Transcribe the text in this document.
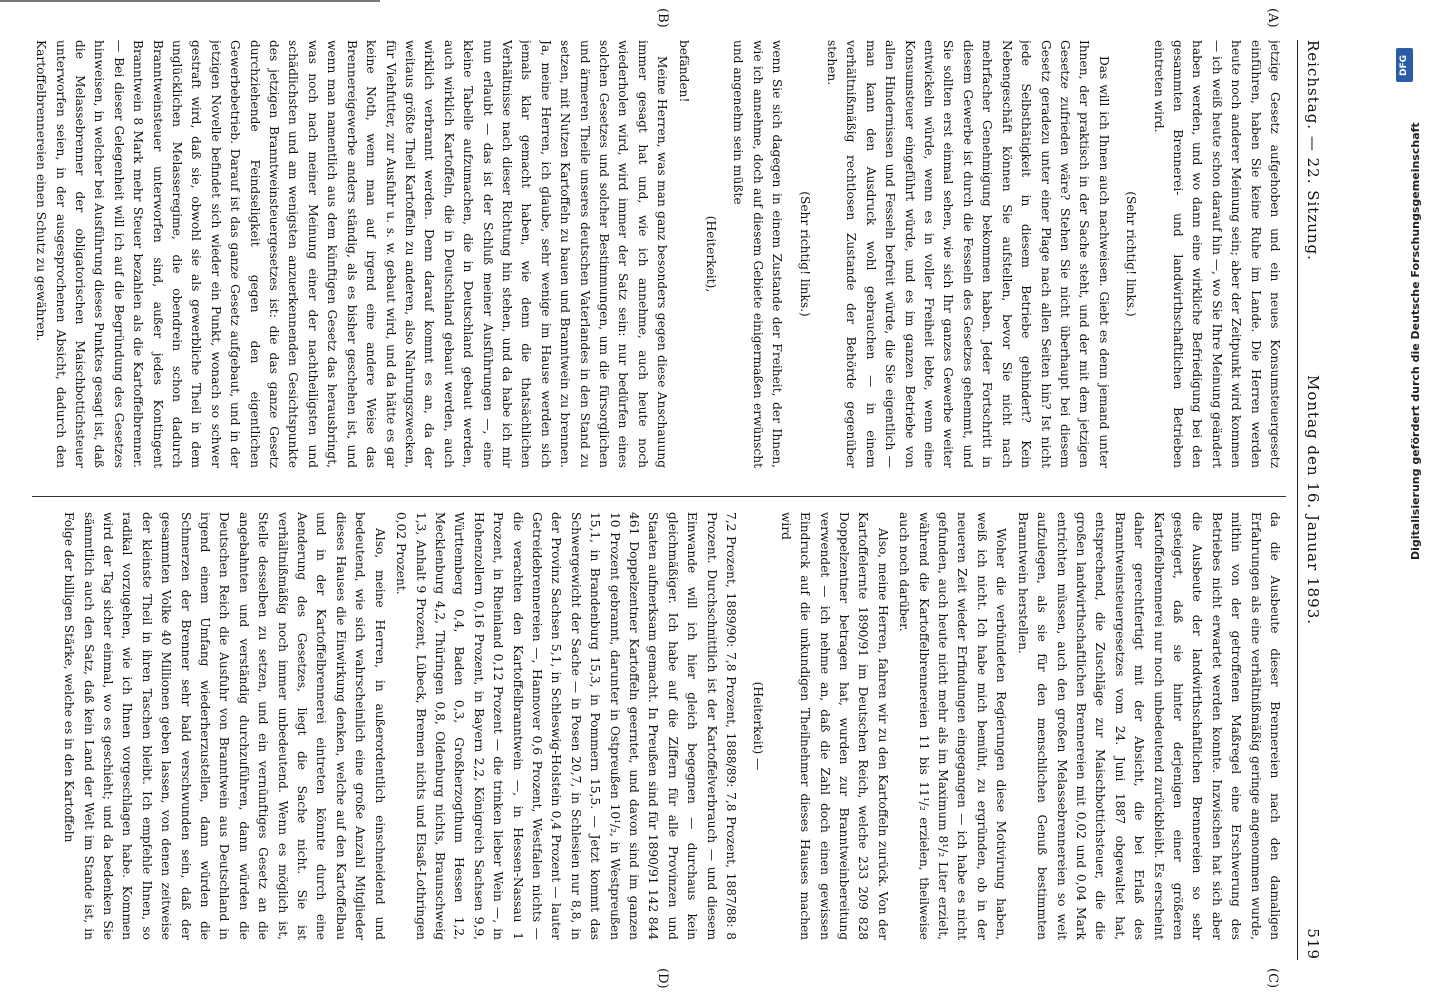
Reichstag. — 22. Sitzung.
Montag den 16. Januar 1893.
519
(A)
(B)
(C)
(D)

jetzige Gesetz aufgehoben und ein neues Konsumsteuergesetz einführen, haben Sie keine Ruhe im Lande. Die Herren werden heute noch anderer Meinung sein; aber der Zeitpunkt wird kommen — ich weiß heute schon darauf hin —, wo Sie Ihre Meinung geändert haben werden, und wo dann eine wirkliche Befriedigung bei den gesammten Brennerei- und landwirthschaftlichen Betrieben eintreten wird.

(Sehr richtig! links.)

Das will ich Ihnen auch nachweisen. Giebt es denn jemand unter Ihnen, der praktisch in der Sache steht, und der mit dem jetzigen Gesetze zufrieden wäre? Stehen Sie nicht überhaupt bei diesem Gesetz geradezu unter einer Plage nach allen Seiten hin? Ist nicht jede Selbsthätigkeit in diesem Betriebe gehindert? Kein Nebengeschäft können Sie aufstellen, bevor Sie nicht nach mehrfacher Genehmigung bekommen haben. Jeder Fortschritt in diesem Gewerbe ist durch die Fesseln des Gesetzes gehemmt, und Sie sollten erst einmal sehen, wie sich Ihr ganzes Gewerbe weiter entwickeln würde, wenn es in voller Freiheit lebte, wenn eine Konsumsteuer eingeführt würde, und es im ganzen Betriebe von allen Hindernissen und Fesseln befreit würde, die Sie eigentlich — man kann den Ausdruck wohl gebrauchen — in einem verhältnißmäßig rechtlosen Zustande der Behörde gegenüber stehen.

(Sehr richtig! links.)

wenn Sie sich dagegen in einem Zustande der Freiheit, der Ihnen, wie ich annehme, doch auf diesem Gebiete einigermaßen erwünscht und angenehm sein müßte

(Heiterkeit),

befänden!

Meine Herren, was man ganz besonders gegen diese Anschauung immer gesagt hat und, wie ich annehme, auch heute noch wiederholen wird, wird immer der Satz sein: nur bedürfen eines solchen Gesetzes und solcher Bestimmungen, um die fürsorglichen und ärmeren Theile unseres deutschen Vaterlandes in den Stand zu setzen, mit Nutzen Kartoffeln zu bauen und Branntwein zu brennen. Ja, meine Herren, ich glaube, sehr wenige im Hause werden sich jemals klar gemacht haben, wie denn die thatsächlichen Verhältnisse nach dieser Richtung hin stehen, und da habe ich mir nun erlaubt — das ist der Schluß meiner Ausführungen —, eine kleine Tabelle aufzumachen, die in Deutschland gebaut werden, auch wirklich Kartoffeln, die in Deutschland gebaut werden, auch wirklich verbrannt werden. Denn darauf kommt es an, da der weitaus größte Theil Kartoffeln zu anderen, also Nahrungszwecken, für Viehfutter, zur Ausfuhr u. s. w. gebaut wird, und da hätte es gar keine Noth, wenn man auf irgend eine andere Weise das Brennereigewerbe anders ständig, als es bisher geschehen ist, und wenn man namentlich aus dem künftigen Gesetz das herausbringt, was noch nach meiner Meinung einer der nachtheiligsten und schädlichsten und am wenigsten anzuerkennenden Gesichtspunkte des jetzigen Branntweinsteuergesetzes ist: die das ganze Gesetz durchziehende Feindseligkeit gegen den eigentlichen Gewerbebetrieb. Darauf ist das ganze Gesetz aufgebaut, und in der jetzigen Novelle befindet sich wieder ein Punkt, wonach so schwer gestraft wird, daß sie, obwohl sie als gewerbliche Theil in dem unglücklichen Melasseregime, die obendrein schon dadurch Branntweinsteuer unterworfen sind, außer jedes Kontingent Branntwein 8 Mark mehr Steuer bezahlen als die Kartoffelbrenner. — Bei dieser Gelegenheit will ich auf die Begründung des Gesetzes hinweisen, in welcher bei Ausführung dieses Punktes gesagt ist, daß die Melassebrenner der obligatorischen Maischbottichsteuer unterworfen seien, in der ausgesprochenen Absicht, dadurch den Kartoffelbrennereien einen Schutz zu gewähren.

da die Ausbeute dieser Brennereien nach den damaligen Erfahrungen als eine verhältnißmäßig geringe angenommen wurde, mithin von der getroffenen Maßregel eine Erschwerung des Betriebes nicht erwartet werden konnte. Inzwischen hat sich aber die Ausbeute der landwirthschaftlichen Brennereien so sehr gesteigert, daß sie hinter derjenigen einer größeren Kartoffelbrennerei nur noch unbedeutend zurückbleibt. Es erscheint daher gerechtfertigt mit der Absicht, die bei Erlaß des Branntweinsteuergesetzes vom 24. Juni 1887 obgewaltet hat, entsprechend, die Zuschläge zur Maischbottichsteuer, die die großen landwirthschaftlichen Brennereien mit 0,02 und 0,04 Mark entrichten müssen, auch den großen Melassebrennereien so weit aufzulegen, als sie für den menschlichen Genuß bestimmten Branntwein herstellen.

Woher die verbündeten Regierungen diese Motivirung haben, weiß ich nicht. Ich habe mich bemüht, zu ergründen, ob in der neueren Zeit wieder Erfindungen eingegangen — ich habe es nicht gefunden, auch heute nicht mehr als im Maximum 8¹/₂ Liter erzielt, während die Kartoffelbrennereien 11 bis 11¹/₂ erzielen, theilweise auch noch darüber.

Also, meine Herren, fahren wir zu den Kartoffeln zurück. Von der Kartoffelernte 1890/91 im Deutschen Reich, welche 233 209 828 Doppelzentner betragen hat, wurden zur Branntweinbereitung verwendet — ich nehme an, daß die Zahl doch einen gewissen Eindruck auf die unkundigen Theilnehmer dieses Hauses machen wird

(Heiterkeit) —

7,2 Prozent, 1889/90: 7,8 Prozent, 1888/89: 7,8 Prozent, 1887/88: 8 Prozent. Durchschnittlich ist der Kartoffelverbrauch — und diesem Einwande will ich hier gleich begegnen — durchaus kein gleichmäßiger. Ich habe auf die Ziffern für alle Provinzen und Staaten aufmerksam gemacht. In Preußen sind für 1890/91 142 844 461 Doppelzentner Kartoffeln geerntet, und davon sind im ganzen 10 Prozent gebrannt, darunter in Ostpreußen 10¹/₂, in Westpreußen 15,1, in Brandenburg 15,3, in Pommern 15,5. — Jetzt kommt das Schwergewicht der Sache — in Posen 20,7, in Schlesien nur 8,8, in der Provinz Sachsen 5,1, in Schleswig-Holstein 0,4 Prozent — lauter Getreidebrennereien —, Hannover 0,6 Prozent, Westfalen nichts — die verachten den Kartoffelbranntwein —, in Hessen-Nassau 1 Prozent, in Rheinland 0,12 Prozent — die trinken lieber Wein —, in Hohenzollern 0,16 Prozent, in Bayern 2,2, Königreich Sachsen 9,9, Württemberg 0,4, Baden 0,3, Großherzogthum Hessen 1,2, Mecklenburg 4,2, Thüringen 0,8, Oldenburg nichts, Braunschweig 1,3, Anhalt 9 Prozent, Lübeck, Bremen nichts und Elsaß-Lothringen 0,02 Prozent.

Also, meine Herren, in außerordentlich einschneidend und bedeutend, wie sich wahrscheinlich eine große Anzahl Mitglieder dieses Hauses die Einwirkung denken, welche auf den Kartoffelbau und in der Kartoffelbrennerei eintreten könnte durch eine Aenderung des Gesetzes, liegt die Sache nicht. Sie ist verhältnißmäßig noch immer unbedeutend. Wenn es möglich ist, Stelle desselben zu setzen, und ein vernünftiges Gesetz an die angebahnten und verständig durchzuführen, dann würden die Deutschen Reich die Ausfuhr von Branntwein aus Deutschland in irgend einem Umfang wiederherzustellen, dann würden die Schmerzen der Brenner sehr bald verschwunden sein, daß der gesammten Volke 40 Millionen geben lassen, von denen zeitweise der kleinste Theil in ihren Taschen bleibt. Ich empfehle Ihnen, so radikal vorzugehen, wie ich Ihnen vorgeschlagen habe. Kommen wird der Tag sicher einmal, wo es geschieht; und da bedenken Sie sämmtlich auch den Satz, daß kein Land der Welt im Stande ist, in Folge der billigen Stärke, welche es in den Kartoffeln

DFG
Digitalisierung gefördert durch die Deutsche Forschungsgemeinschaft
